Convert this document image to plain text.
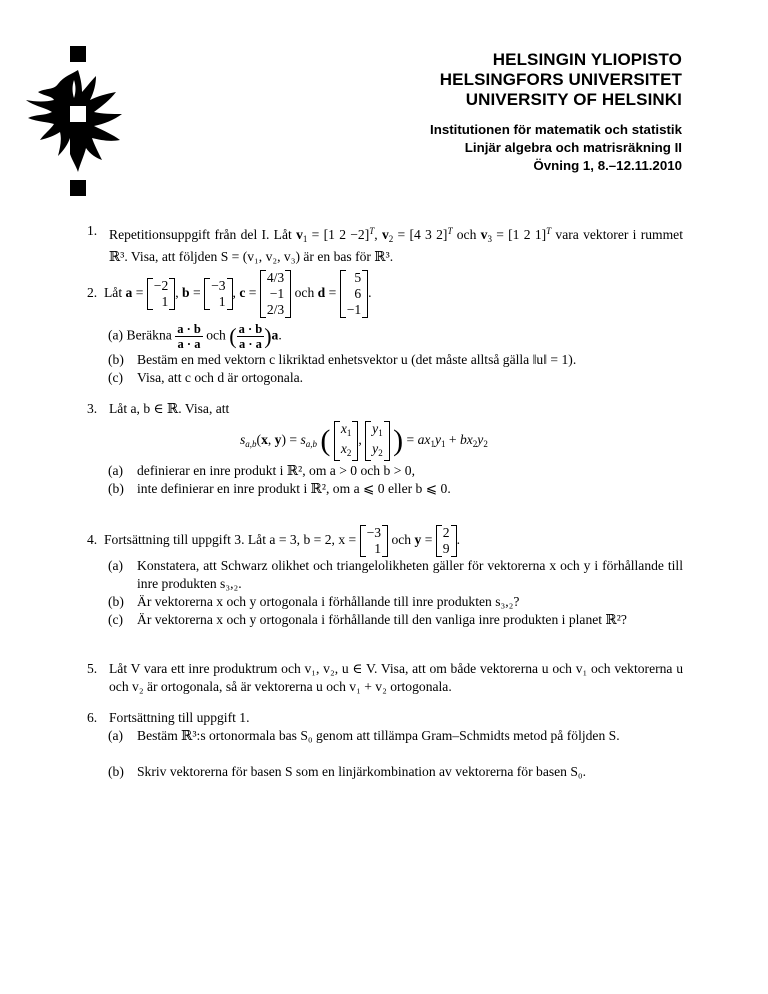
HELSINGIN YLIOPISTO
HELSINGFORS UNIVERSITET
UNIVERSITY OF HELSINKI
Institutionen för matematik och statistik
Linjär algebra och matrisräkning II
Övning 1, 8.–12.11.2010
1. Repetitionsuppgift från del I. Låt $v_1 = [1$ 2 −2]$^T$, $v_2 = [4$ 3 2]$^T$ och $v_3 = [1$ 2 1]$^T$ vara vektorer i rummet ℝ³. Visa, att följden S = (v₁, v₂, v₃) är en bas för ℝ³.
2.  Låt a = −2
1
, b = −3
1
, c =
4/3
−1
2/3
och d =
5
6
−1
.
(a) Beräkna $\frac{a \cdot b}{a \cdot a}$ och ( $\frac{a \cdot b}{a \cdot a} )a$.
(b) Bestäm en med vektorn c likriktad enhetsvektor u (det måste alltså gälla ‖u‖ = 1).
(c)	Visa, att c och d är ortogonala.
3. Låt a, b ∈ ℝ. Visa, att
$s_{a,b}(x$, $y) = s_{a,b}$ ( $x_1$
$x_2$
,
$y_1$
$y_2$ ) = $ax_1y_1 + bx_2y_2$
(a)	definierar en inre produkt i ℝ², om a > 0 och b > 0,
(b) inte definierar en inre produkt i ℝ², om a ⩽ 0 eller b ⩽ 0.
4. Fortsättning till uppgift 3. Låt a = 3, b = 2, x = −3
1
och y = 2
9
.
(a)	Konstatera, att Schwarz olikhet och triangelolikheten gäller för vektorerna x och y i förhållande till inre produkten s₃,₂.
(b) Är vektorerna x och y ortogonala i förhållande till inre produkten s₃,₂?
(c)	Är vektorerna x och y ortogonala i förhållande till den vanliga inre produkten i planet ℝ²?
5. Låt V vara ett inre produktrum och v₁, v₂, u ∈ V. Visa, att om både vektorerna u och v₁ och vektorerna u och v₂ är ortogonala, så är vektorerna u och v₁ + v₂ ortogonala.
6. Fortsättning till uppgift 1.
(a)	Bestäm ℝ³:s ortonormala bas S₀ genom att tillämpa Gram–Schmidts metod på följden S.
(b) Skriv vektorerna för basen S som en linjärkombination av vektorerna för basen S₀.
